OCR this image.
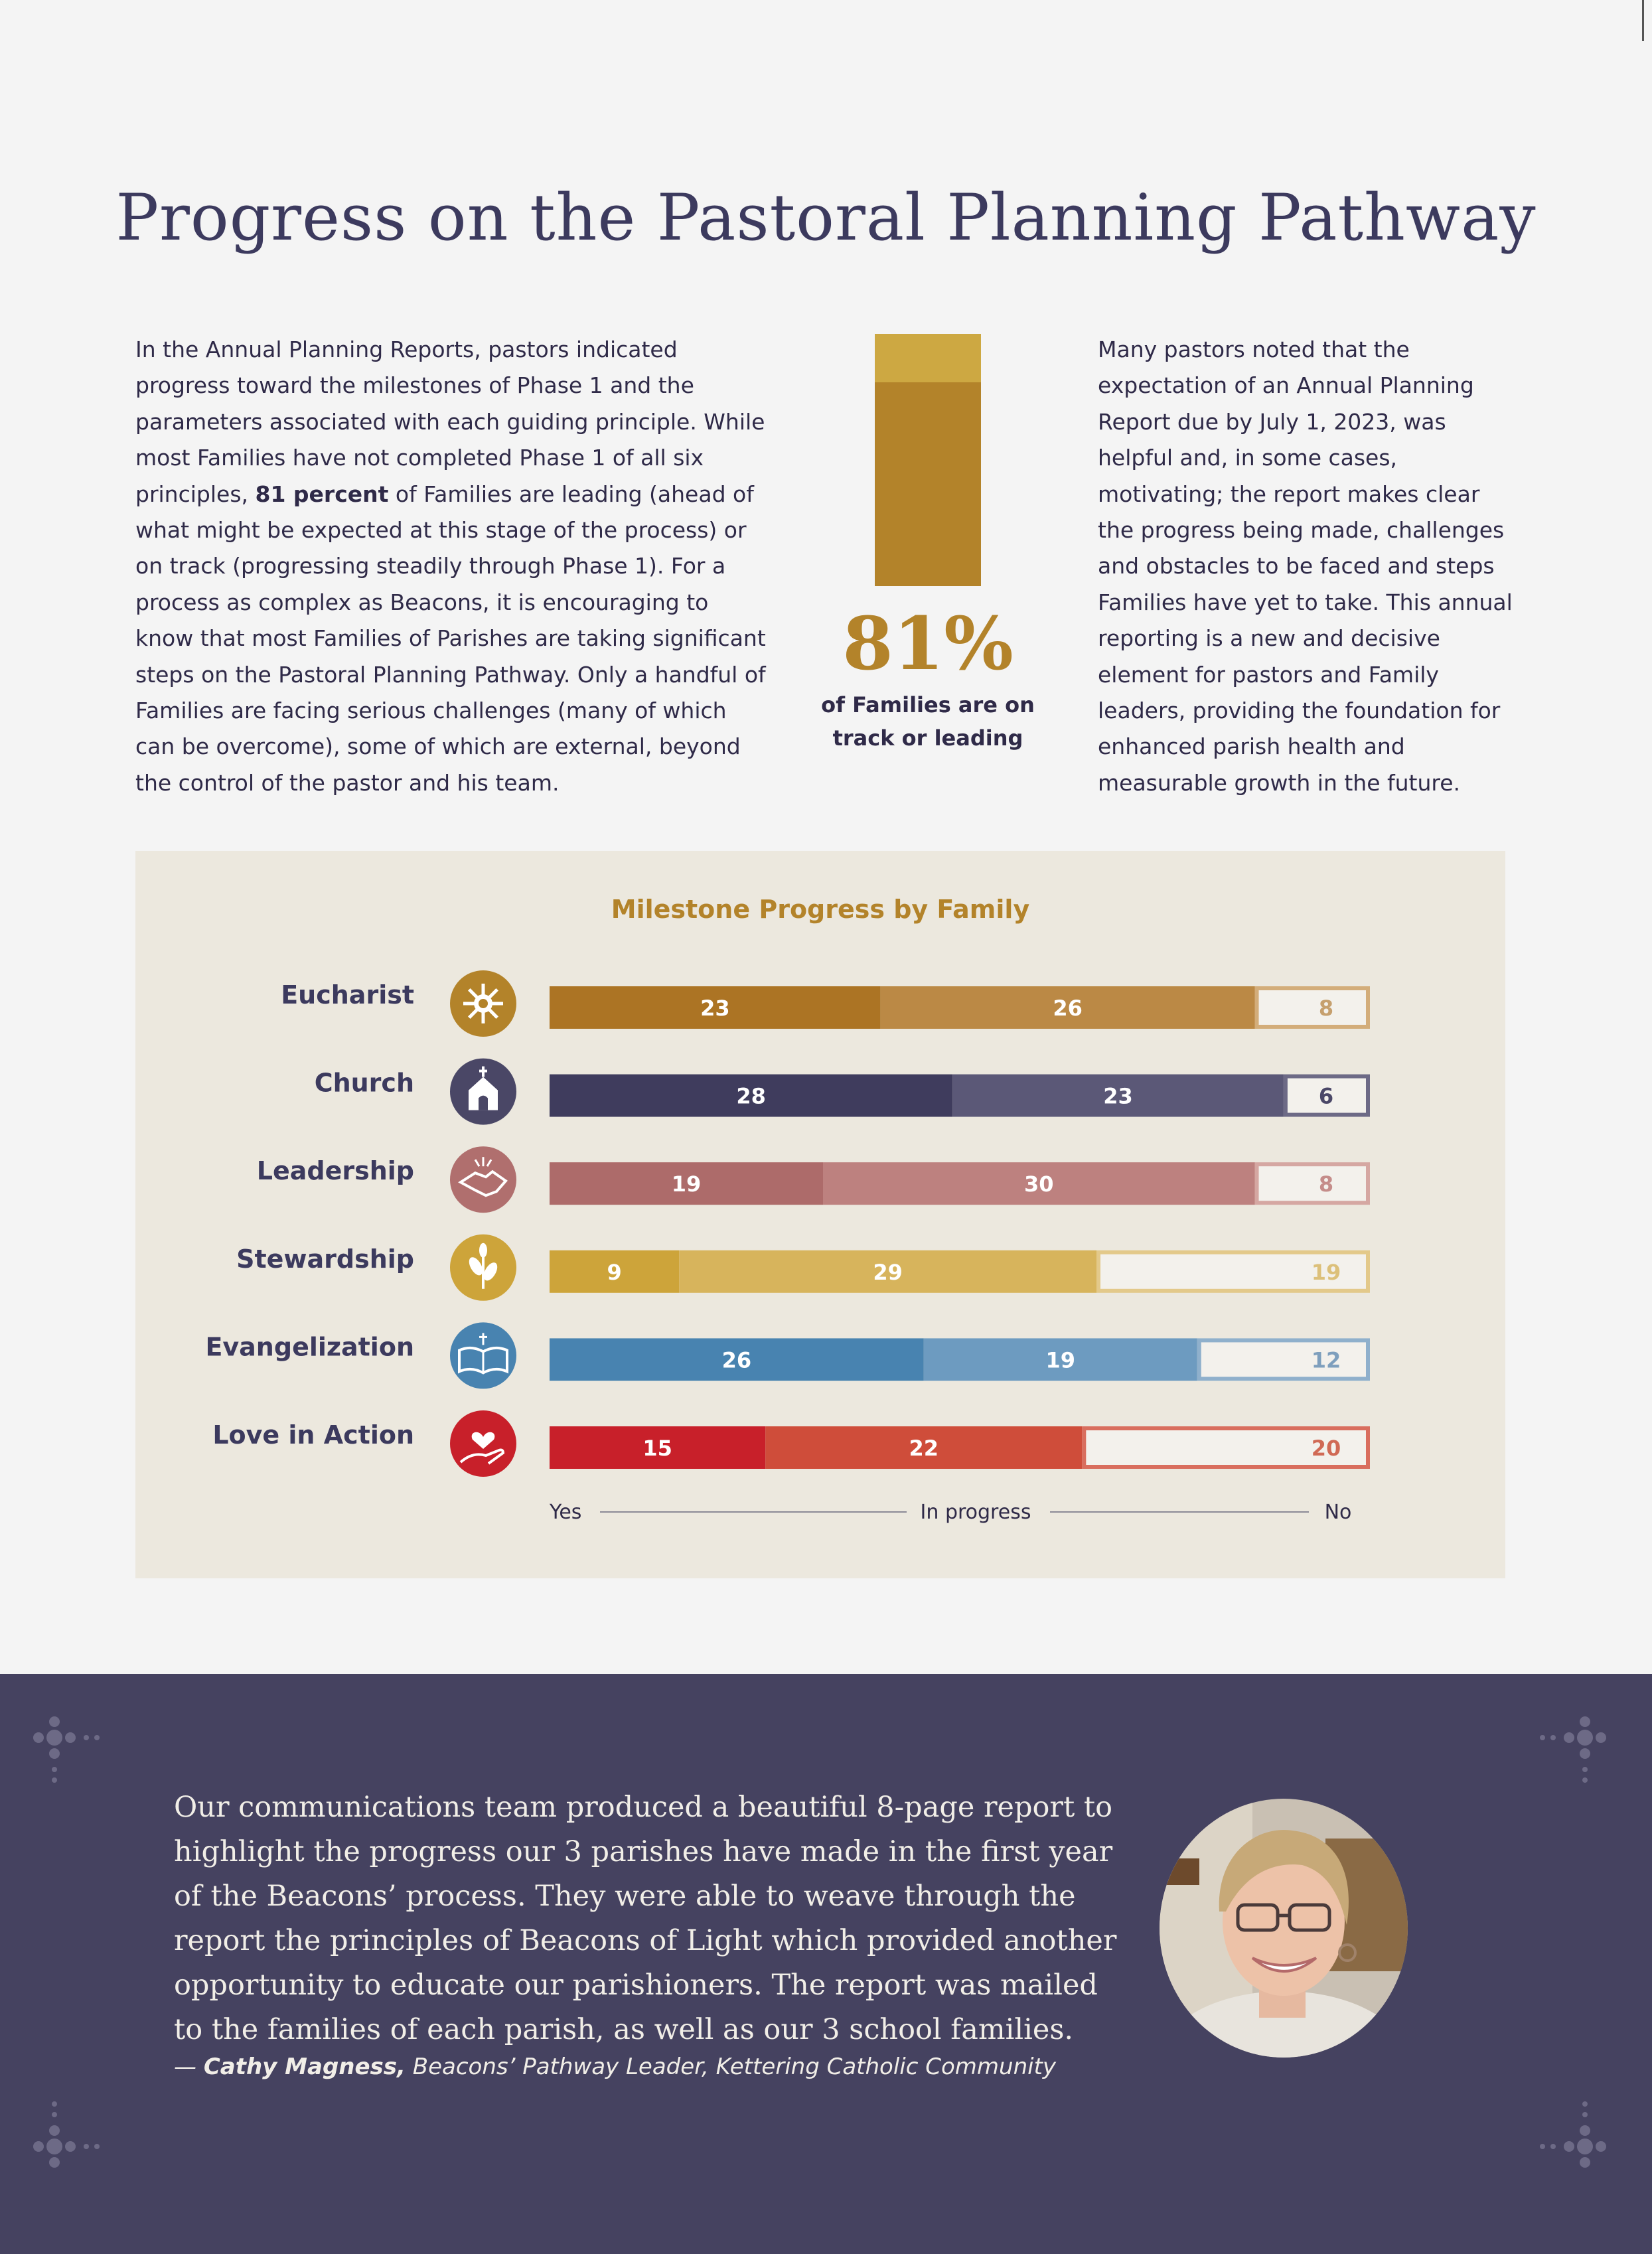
Progress on the Pastoral Planning Pathway
In the Annual Planning Reports, pastors indicated progress toward the milestones of Phase 1 and the parameters associated with each guiding principle. While most Families have not completed Phase 1 of all six principles, 81 percent of Families are leading (ahead of what might be expected at this stage of the process) or on track (progressing steadily through Phase 1). For a process as complex as Beacons, it is encouraging to know that most Families of Parishes are taking significant steps on the Pastoral Planning Pathway. Only a handful of Families are facing serious challenges (many of which can be overcome), some of which are external, beyond the control of the pastor and his team.
81%
of Families are on
track or leading
Many pastors noted that the expectation of an Annual Planning Report due by July 1, 2023, was helpful and, in some cases, motivating; the report makes clear the progress being made, challenges and obstacles to be faced and steps Families have yet to take. This annual reporting is a new and decisive element for pastors and Family leaders, providing the foundation for enhanced parish health and measurable growth in the future.
Milestone Progress by Family
Eucharist	23	26	8
Church	28	23	6
Leadership	19	30	8
Stewardship	9	29	19
Evangelization	26	19	12
Love in Action	15	22	20
Yes	In progress	No

Our communications team produced a beautiful 8-page report to highlight the progress our 3 parishes have made in the first year of the Beacons’ process. They were able to weave through the report the principles of Beacons of Light which provided another opportunity to educate our parishioners. The report was mailed to the families of each parish, as well as our 3 school families.

— Cathy Magness, Beacons’ Pathway Leader, Kettering Catholic Community
